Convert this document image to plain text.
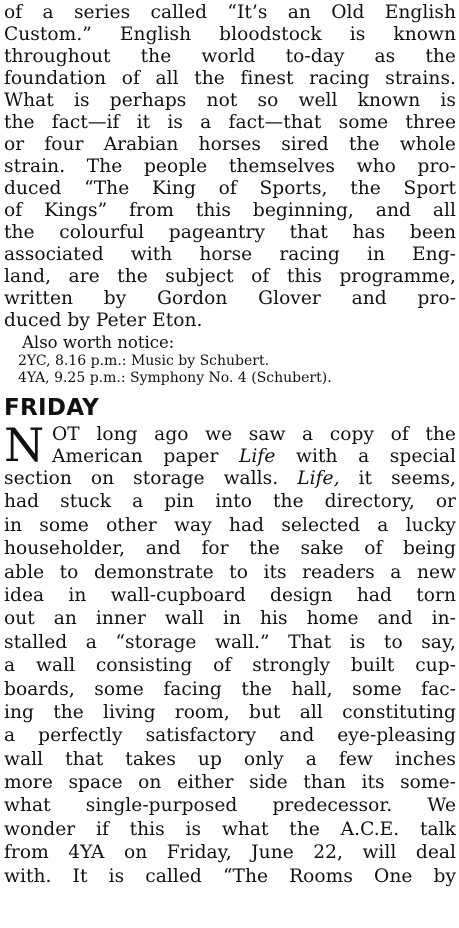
of a series called “It’s an Old English
Custom.” English bloodstock is known
throughout the world to-day as the
foundation of all the finest racing strains.
What is perhaps not so well known is
the fact—if it is a fact—that some three
or four Arabian horses sired the whole
strain. The people themselves who pro-
duced “The King of Sports, the Sport
of Kings” from this beginning, and all
the colourful pageantry that has been
associated with horse racing in Eng-
land, are the subject of this programme,
written by Gordon Glover and pro-
duced by Peter Eton.
Also worth notice:
2YC, 8.16 p.m.: Music by Schubert.
4YA, 9.25 p.m.: Symphony No. 4 (Schubert).
FRIDAY
N OT long ago we saw a copy of the
American paper Life with a special
section on storage walls. Life, it seems,
had stuck a pin into the directory, or
in some other way had selected a lucky
householder, and for the sake of being
able to demonstrate to its readers a new
idea in wall-cupboard design had torn
out an inner wall in his home and in-
stalled a “storage wall.” That is to say,
a wall consisting of strongly built cup-
boards, some facing the hall, some fac-
ing the living room, but all constituting
a perfectly satisfactory and eye-pleasing
wall that takes up only a few inches
more space on either side than its some-
what single-purposed predecessor. We
wonder if this is what the A.C.E. talk
from 4YA on Friday, June 22, will deal
with. It is called “The Rooms One by
